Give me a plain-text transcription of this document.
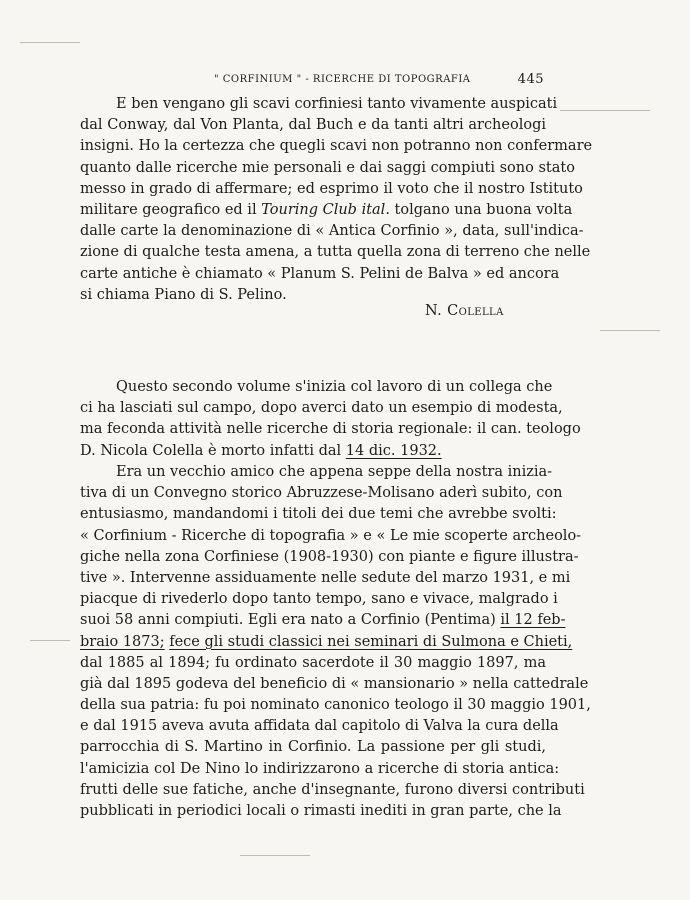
" CORFINIUM " - RICERCHE DI TOPOGRAFIA	445
E ben vengano gli scavi corfiniesi tanto vivamente auspicati
dal Conway, dal Von Planta, dal Buch e da tanti altri archeologi
insigni. Ho la certezza che quegli scavi non potranno non confermare
quanto dalle ricerche mie personali e dai saggi compiuti sono stato
messo in grado di affermare; ed esprimo il voto che il nostro Istituto
militare geografico ed il Touring Club ital. tolgano una buona volta
dalle carte la denominazione di « Antica Corfinio », data, sull'indica-
zione di qualche testa amena, a tutta quella zona di terreno che nelle
carte antiche è chiamato « Planum S. Pelini de Balva » ed ancora
si chiama Piano di S. Pelino.
N. Colella
Questo secondo volume s'inizia col lavoro di un collega che
ci ha lasciati sul campo, dopo averci dato un esempio di modesta,
ma feconda attività nelle ricerche di storia regionale: il can. teologo
D. Nicola Colella è morto infatti dal 14 dic. 1932.
Era un vecchio amico che appena seppe della nostra inizia-
tiva di un Convegno storico Abruzzese-Molisano aderì subito, con
entusiasmo, mandandomi i titoli dei due temi che avrebbe svolti:
« Corfinium - Ricerche di topografia » e « Le mie scoperte archeolo-
giche nella zona Corfiniese (1908-1930) con piante e figure illustra-
tive ». Intervenne assiduamente nelle sedute del marzo 1931, e mi
piacque di rivederlo dopo tanto tempo, sano e vivace, malgrado i
suoi 58 anni compiuti. Egli era nato a Corfinio (Pentima) il 12 feb-
braio 1873; fece gli studi classici nei seminari di Sulmona e Chieti,
dal 1885 al 1894; fu ordinato sacerdote il 30 maggio 1897, ma
già dal 1895 godeva del beneficio di « mansionario » nella cattedrale
della sua patria: fu poi nominato canonico teologo il 30 maggio 1901,
e dal 1915 aveva avuta affidata dal capitolo di Valva la cura della
parrocchia di S. Martino in Corfinio. La passione per gli studi,
l'amicizia col De Nino lo indirizzarono a ricerche di storia antica:
frutti delle sue fatiche, anche d'insegnante, furono diversi contributi
pubblicati in periodici locali o rimasti inediti in gran parte, che la
